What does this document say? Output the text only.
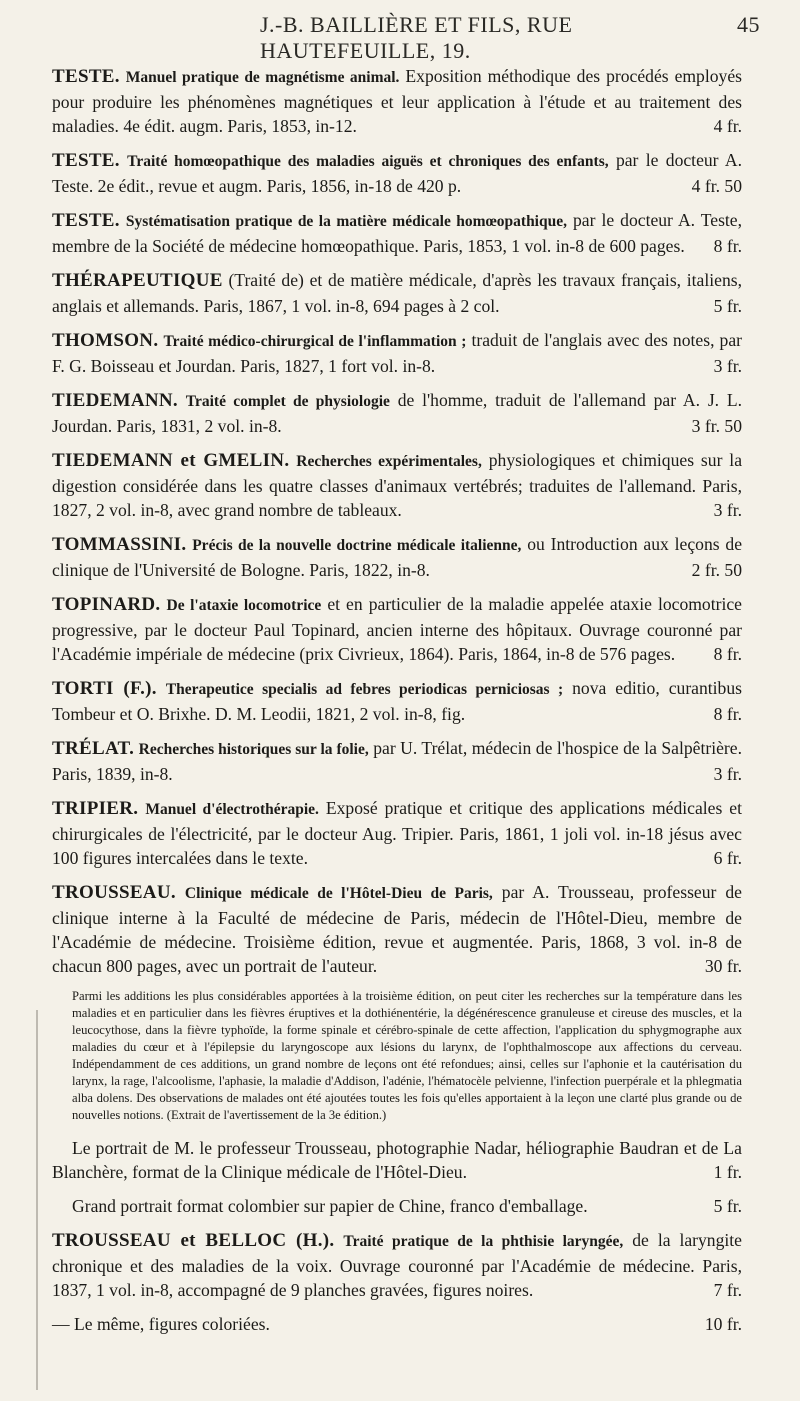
J.-B. BAILLIÈRE ET FILS, RUE HAUTEFEUILLE, 19.
45
TESTE. Manuel pratique de magnétisme animal. Exposition méthodique des procédés employés pour produire les phénomènes magnétiques et leur application à l'étude et au traitement des maladies. 4e édit. augm. Paris, 1853, in-12.	4 fr.
TESTE. Traité homœopathique des maladies aiguës et chroniques des enfants, par le docteur A. Teste. 2e édit., revue et augm. Paris, 1856, in-18 de 420 p.	4 fr. 50
TESTE. Systématisation pratique de la matière médicale homœopathique, par le docteur A. Teste, membre de la Société de médecine homœopathique. Paris, 1853, 1 vol. in-8 de 600 pages. 8 fr.
THÉRAPEUTIQUE (Traité de) et de matière médicale, d'après les travaux français, italiens, anglais et allemands. Paris, 1867, 1 vol. in-8, 694 pages à 2 col.	5 fr.
THOMSON. Traité médico-chirurgical de l'inflammation ; traduit de l'anglais avec des notes, par F. G. Boisseau et Jourdan. Paris, 1827, 1 fort vol. in-8.	3 fr.
TIEDEMANN. Traité complet de physiologie de l'homme, traduit de l'allemand par A. J. L. Jourdan. Paris, 1831, 2 vol. in-8.	3 fr. 50
TIEDEMANN et GMELIN. Recherches expérimentales, physiologiques et chimiques sur la digestion considérée dans les quatre classes d'animaux vertébrés; traduites de l'allemand. Paris, 1827, 2 vol. in-8, avec grand nombre de tableaux.	3 fr.
TOMMASSINI. Précis de la nouvelle doctrine médicale italienne, ou Introduction aux leçons de clinique de l'Université de Bologne. Paris, 1822, in-8.	2 fr. 50
TOPINARD. De l'ataxie locomotrice et en particulier de la maladie appelée ataxie locomotrice progressive, par le docteur Paul Topinard, ancien interne des hôpitaux. Ouvrage couronné par l'Académie impériale de médecine (prix Civrieux, 1864). Paris, 1864, in-8 de 576 pages. 8 fr.
TORTI (F.). Therapeutice specialis ad febres periodicas perniciosas ; nova editio, curantibus Tombeur et O. Brixhe. D. M. Leodii, 1821, 2 vol. in-8, fig.	8 fr.
TRÉLAT. Recherches historiques sur la folie, par U. Trélat, médecin de l'hospice de la Salpêtrière. Paris, 1839, in-8.	3 fr.
TRIPIER. Manuel d'électrothérapie. Exposé pratique et critique des applications médicales et chirurgicales de l'électricité, par le docteur Aug. Tripier. Paris, 1861, 1 joli vol. in-18 jésus avec 100 figures intercalées dans le texte.	6 fr.
TROUSSEAU. Clinique médicale de l'Hôtel-Dieu de Paris, par A. Trousseau, professeur de clinique interne à la Faculté de médecine de Paris, médecin de l'Hôtel-Dieu, membre de l'Académie de médecine. Troisième édition, revue et augmentée. Paris, 1868, 3 vol. in-8 de chacun 800 pages, avec un portrait de l'auteur.	30 fr.
Parmi les additions les plus considérables apportées à la troisième édition, on peut citer les recherches sur la température dans les maladies et en particulier dans les fièvres éruptives et la dothiénentérie, la dégénérescence granuleuse et cireuse des muscles, et la leucocythose, dans la fièvre typhoïde, la forme spinale et cérébro-spinale de cette affection, l'application du sphygmographe aux maladies du cœur et à l'épilepsie du laryngoscope aux lésions du larynx, de l'ophthalmoscope aux affections du cerveau. Indépendamment de ces additions, un grand nombre de leçons ont été refondues; ainsi, celles sur l'aphonie et la cautérisation du larynx, la rage, l'alcoolisme, l'aphasie, la maladie d'Addison, l'adénie, l'hématocèle pelvienne, l'infection puerpérale et la phlegmatia alba dolens. Des observations de malades ont été ajoutées toutes les fois qu'elles apportaient à la leçon une clarté plus grande ou de nouvelles notions. (Extrait de l'avertissement de la 3e édition.)
Le portrait de M. le professeur Trousseau, photographie Nadar, héliographie Baudran et de La Blanchère, format de la Clinique médicale de l'Hôtel-Dieu.	1 fr.
Grand portrait format colombier sur papier de Chine, franco d'emballage.	5 fr.
TROUSSEAU et BELLOC (H.). Traité pratique de la phthisie laryngée, de la laryngite chronique et des maladies de la voix. Ouvrage couronné par l'Académie de médecine. Paris, 1837, 1 vol. in-8, accompagné de 9 planches gravées, figures noires.	7 fr.
— Le même, figures coloriées.	10 fr.
